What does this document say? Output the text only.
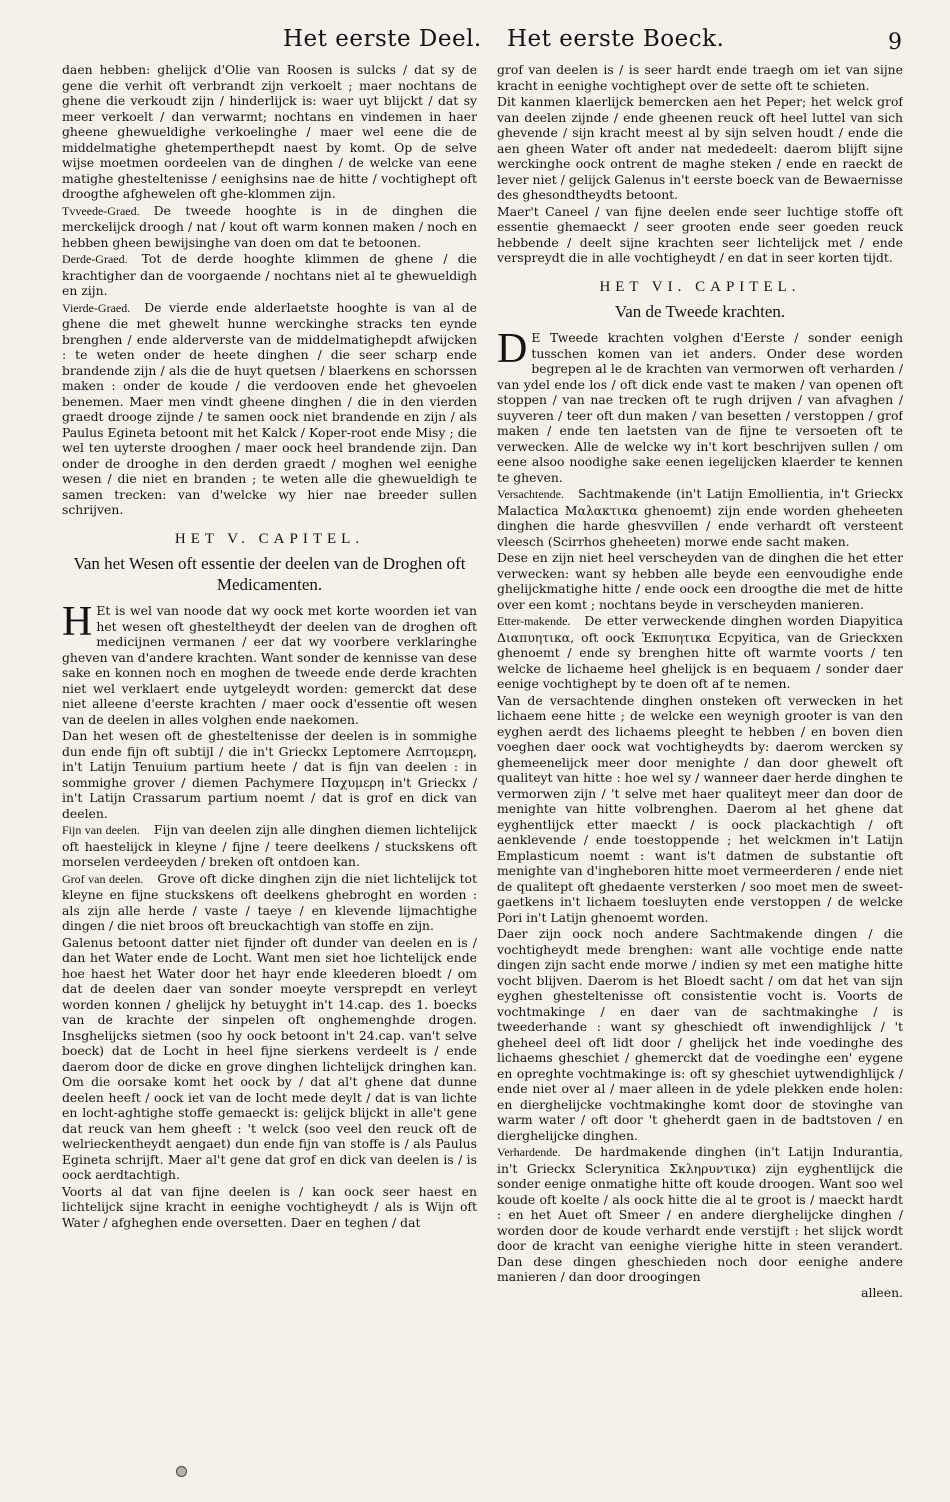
Het eerste Deel. Het eerste Boeck.	9

daen hebben: ghelijck d'Olie van Roosen is sulcks / dat sy de gene die verhit oft verbrandt zijn verkoelt ; maer nochtans de ghene die verkoudt zijn / hinderlijck is: waer uyt blijckt / dat sy meer verkoelt / dan verwarmt; nochtans en vindemen in haer gheene ghewueldighe verkoelinghe / maer wel eene die de middelmatighe ghetemperthepdt naest by komt. Op de selve wijse moetmen oordeelen van de dinghen / de welcke van eene matighe ghesteltenisse / eenighsins nae de hitte / vochtighept oft droogthe afghewelen oft ghe-klommen zijn.

Tvveede-Graed. De tweede hooghte is in de dinghen die merckelijck droogh / nat / kout oft warm konnen maken / noch en hebben gheen bewijsinghe van doen om dat te betoonen.

Derde-Graed. Tot de derde hooghte klimmen de ghene / die krachtigher dan de voorgaende / nochtans niet al te ghewueldigh en zijn.

Vierde-Graed. De vierde ende alderlaetste hooghte is van al de ghene die met ghewelt hunne werckinghe stracks ten eynde brenghen / ende alderverste van de middelmatighepdt afwijcken : te weten onder de heete dinghen / die seer scharp ende brandende zijn / als die de huyt quetsen / blaerkens en schorssen maken : onder de koude / die verdooven ende het ghevoelen benemen. Maer men vindt gheene dinghen / die in den vierden graedt drooge zijnde / te samen oock niet brandende en zijn / als Paulus Egineta betoont mit het Kalck / Koper-root ende Misy ; die wel ten uyterste drooghen / maer oock heel brandende zijn. Dan onder de drooghe in den derden graedt / moghen wel eenighe wesen / die niet en branden ; te weten alle die ghewueldigh te samen trecken: van d'welcke wy hier nae breeder sullen schrijven.

HET V. CAPITEL.
Van het Wesen oft essentie der deelen van de Droghen oft Medicamenten.

H Et is wel van noode dat wy oock met korte woorden iet van het wesen oft ghesteltheydt der deelen van de droghen oft medicijnen vermanen / eer dat wy voorbere verklaringhe gheven van d'andere krachten. Want sonder de kennisse van dese sake en konnen noch en moghen de tweede ende derde krachten niet wel verklaert ende uytgeleydt worden: gemerckt dat dese niet alleene d'eerste krachten / maer oock d'essentie oft wesen van de deelen in alles volghen ende naekomen.

Dan het wesen oft de ghesteltenisse der deelen is in sommighe dun ende fijn oft subtijl / die in't Grieckx Leptomere Λεπτομερη, in't Latijn Tenuium partium heete / dat is fijn van deelen : in sommighe grover / diemen Pachymere Παχυμερη in't Grieckx / in't Latijn Crassarum partium noemt / dat is grof en dick van deelen.

Fijn van deelen. Fijn van deelen zijn alle dinghen diemen lichtelijck oft haestelijck in kleyne / fijne / teere deelkens / stuckskens oft morselen verdeeyden / breken oft ontdoen kan.

Grof van deelen. Grove oft dicke dinghen zijn die niet lichtelijck tot kleyne en fijne stuckskens oft deelkens ghebroght en worden : als zijn alle herde / vaste / taeye / en klevende lijmachtighe dingen / die niet broos oft breuckachtigh van stoffe en zijn.

Galenus betoont datter niet fijnder oft dunder van deelen en is / dan het Water ende de Locht. Want men siet hoe lichtelijck ende hoe haest het Water door het hayr ende kleederen bloedt / om dat de deelen daer van sonder moeyte versprepdt en verleyt worden konnen / ghelijck hy betuyght in't 14.cap. des 1. boecks van de krachte der sinpelen oft onghemenghde drogen. Insghelijcks sietmen (soo hy oock betoont in't 24.cap. van't selve boeck) dat de Locht in heel fijne sierkens verdeelt is / ende daerom door de dicke en grove dinghen lichtelijck dringhen kan. Om die oorsake komt het oock by / dat al't ghene dat dunne deelen heeft / oock iet van de locht mede deylt / dat is van lichte en locht-aghtighe stoffe gemaeckt is: gelijck blijckt in alle't gene dat reuck van hem gheeft : 't welck (soo veel den reuck oft de welrieckentheydt aengaet) dun ende fijn van stoffe is / als Paulus Egineta schrijft. Maer al't gene dat grof en dick van deelen is / is oock aerdtachtigh.

Voorts al dat van fijne deelen is / kan oock seer haest en lichtelijck sijne kracht in eenighe vochtigheydt / als is Wijn oft Water / afgheghen ende oversetten. Daer en teghen / dat

grof van deelen is / is seer hardt ende traegh om iet van sijne kracht in eenighe vochtighept over de sette oft te schieten.

Dit kanmen klaerlijck bemercken aen het Peper; het welck grof van deelen zijnde / ende gheenen reuck oft heel luttel van sich ghevende / sijn kracht meest al by sijn selven houdt / ende die aen gheen Water oft ander nat mededeelt: daerom blijft sijne werckinghe oock ontrent de maghe steken / ende en raeckt de lever niet / gelijck Galenus in't eerste boeck van de Bewaernisse des ghesondtheydts betoont.

Maer't Caneel / van fijne deelen ende seer luchtige stoffe oft essentie ghemaeckt / seer grooten ende seer goeden reuck hebbende / deelt sijne krachten seer lichtelijck met / ende verspreydt die in alle vochtigheydt / en dat in seer korten tijdt.

HET VI. CAPITEL.
Van de Tweede krachten.

D E Tweede krachten volghen d'Eerste / sonder eenigh tusschen komen van iet anders. Onder dese worden begrepen al le de krachten van vermorwen oft verharden / van ydel ende los / oft dick ende vast te maken / van openen oft stoppen / van nae trecken oft te rugh drijven / van afvaghen / suyveren / teer oft dun maken / van besetten / verstoppen / grof maken / ende ten laetsten van de fijne te versoeten oft te verwecken. Alle de welcke wy in't kort beschrijven sullen / om eene alsoo noodighe sake eenen iegelijcken klaerder te kennen te gheven.

Versachtende. Sachtmakende (in't Latijn Emollientia, in't Grieckx Malactica Μαλακτικα ghenoemt) zijn ende worden gheheeten dinghen die harde ghesvvillen / ende verhardt oft versteent vleesch (Scirrhos gheheeten) morwe ende sacht maken.

Dese en zijn niet heel verscheyden van de dinghen die het etter verwecken: want sy hebben alle beyde een eenvoudighe ende ghelijckmatighe hitte / ende oock een droogthe die met de hitte over een komt ; nochtans beyde in verscheyden manieren.

Etter-makende. De etter verweckende dinghen worden Diapyitica Διαπυητικα, oft oock Ἐκπυητικα Ecpyitica, van de Grieckxen ghenoemt / ende sy brenghen hitte oft warmte voorts / ten welcke de lichaeme heel ghelijck is en bequaem / sonder daer eenige vochtighept by te doen oft af te nemen.

Van de versachtende dinghen onsteken oft verwecken in het lichaem eene hitte ; de welcke een weynigh grooter is van den eyghen aerdt des lichaems pleeght te hebben / en boven dien voeghen daer oock wat vochtigheydts by: daerom wercken sy ghemeenelijck meer door menighte / dan door ghewelt oft qualiteyt van hitte : hoe wel sy / wanneer daer herde dinghen te vermorwen zijn / 't selve met haer qualiteyt meer dan door de menighte van hitte volbrenghen. Daerom al het ghene dat eyghentlijck etter maeckt / is oock plackachtigh / oft aenklevende / ende toestoppende ; het welckmen in't Latijn Emplasticum noemt : want is't datmen de substantie oft menighte van d'ingheboren hitte moet vermeerderen / ende niet de qualitept oft ghedaente versterken / soo moet men de sweet-gaetkens in't lichaem toesluyten ende verstoppen / de welcke Pori in't Latijn ghenoemt worden.

Daer zijn oock noch andere Sachtmakende dingen / die vochtigheydt mede brenghen: want alle vochtige ende natte dingen zijn sacht ende morwe / indien sy met een matighe hitte vocht blijven. Daerom is het Bloedt sacht / om dat het van sijn eyghen ghesteltenisse oft consistentie vocht is. Voorts de vochtmakinge / en daer van de sachtmakinghe / is tweederhande : want sy gheschiedt oft inwendighlijck / 't gheheel deel oft lidt door / ghelijck het inde voedinghe des lichaems gheschiet / ghemerckt dat de voedinghe een' eygene en opreghte vochtmakinge is: oft sy gheschiet uytwendighlijck / ende niet over al / maer alleen in de ydele plekken ende holen: en dierghelijcke vochtmakinghe komt door de stovinghe van warm water / oft door 't gheherdt gaen in de badtstoven / en dierghelijcke dinghen.

Verhardende. De hardmakende dinghen (in't Latijn Indurantia, in't Grieckx Sclerynitica Σκληρυντικα) zijn eyghentlijck die sonder eenige onmatighe hitte oft koude droogen. Want soo wel koude oft koelte / als oock hitte die al te groot is / maeckt hardt : en het Auet oft Smeer / en andere dierghelijcke dinghen / worden door de koude verhardt ende verstijft : het slijck wordt door de kracht van eenighe vierighe hitte in steen verandert. Dan dese dingen gheschieden noch door eenighe andere manieren / dan door droogingen

alleen.
